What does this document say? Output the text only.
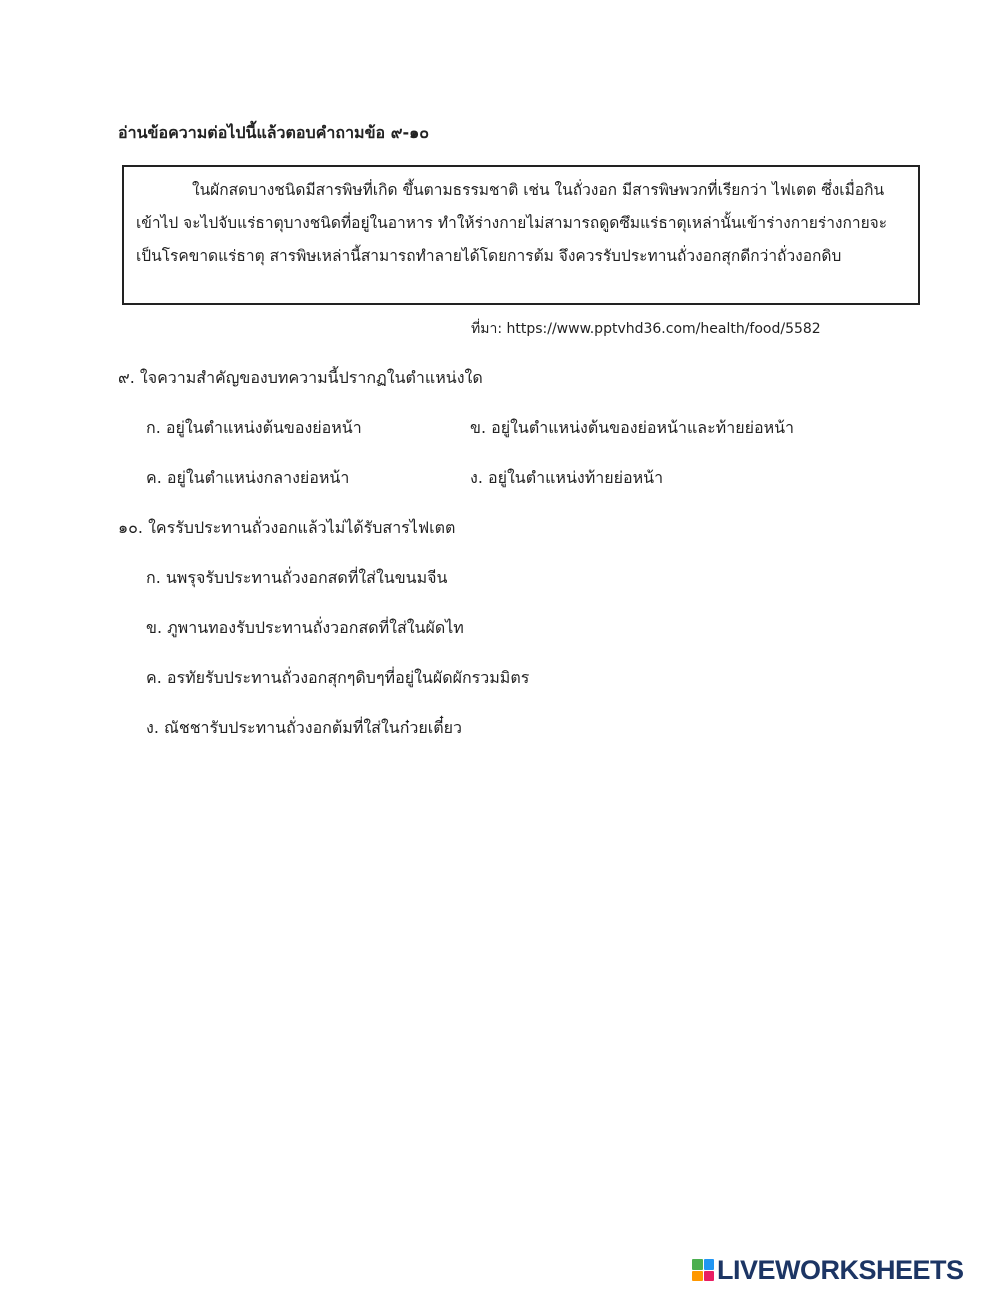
อ่านข้อความต่อไปนี้แล้วตอบคำถามข้อ ๙-๑๐
ในผักสดบางชนิดมีสารพิษที่เกิด ขึ้นตามธรรมชาติ เช่น ในถั่วงอก มีสารพิษพวกที่เรียกว่า ไฟเตต ซึ่งเมื่อกิน
เข้าไป จะไปจับแร่ธาตุบางชนิดที่อยู่ในอาหาร ทำให้ร่างกายไม่สามารถดูดซึมแร่ธาตุเหล่านั้นเข้าร่างกายร่างกายจะ
เป็นโรคขาดแร่ธาตุ สารพิษเหล่านี้สามารถทำลายได้โดยการต้ม จึงควรรับประทานถั่วงอกสุกดีกว่าถั่วงอกดิบ
ที่มา: https://www.pptvhd36.com/health/food/5582
๙. ใจความสำคัญของบทความนี้ปรากฏในตำแหน่งใด
ก. อยู่ในตำแหน่งต้นของย่อหน้า	ข. อยู่ในตำแหน่งต้นของย่อหน้าและท้ายย่อหน้า
ค. อยู่ในตำแหน่งกลางย่อหน้า	ง. อยู่ในตำแหน่งท้ายย่อหน้า
๑๐. ใครรับประทานถั่วงอกแล้วไม่ได้รับสารไฟเตต
ก. นพรุจรับประทานถั่วงอกสดที่ใส่ในขนมจีน
ข. ภูพานทองรับประทานถั่งวอกสดที่ใส่ในผัดไท
ค. อรทัยรับประทานถั่วงอกสุกๆดิบๆที่อยู่ในผัดผักรวมมิตร
ง. ณัชชารับประทานถั่วงอกต้มที่ใส่ในก๋วยเตี๋ยว
LIVEWORKSHEETS
